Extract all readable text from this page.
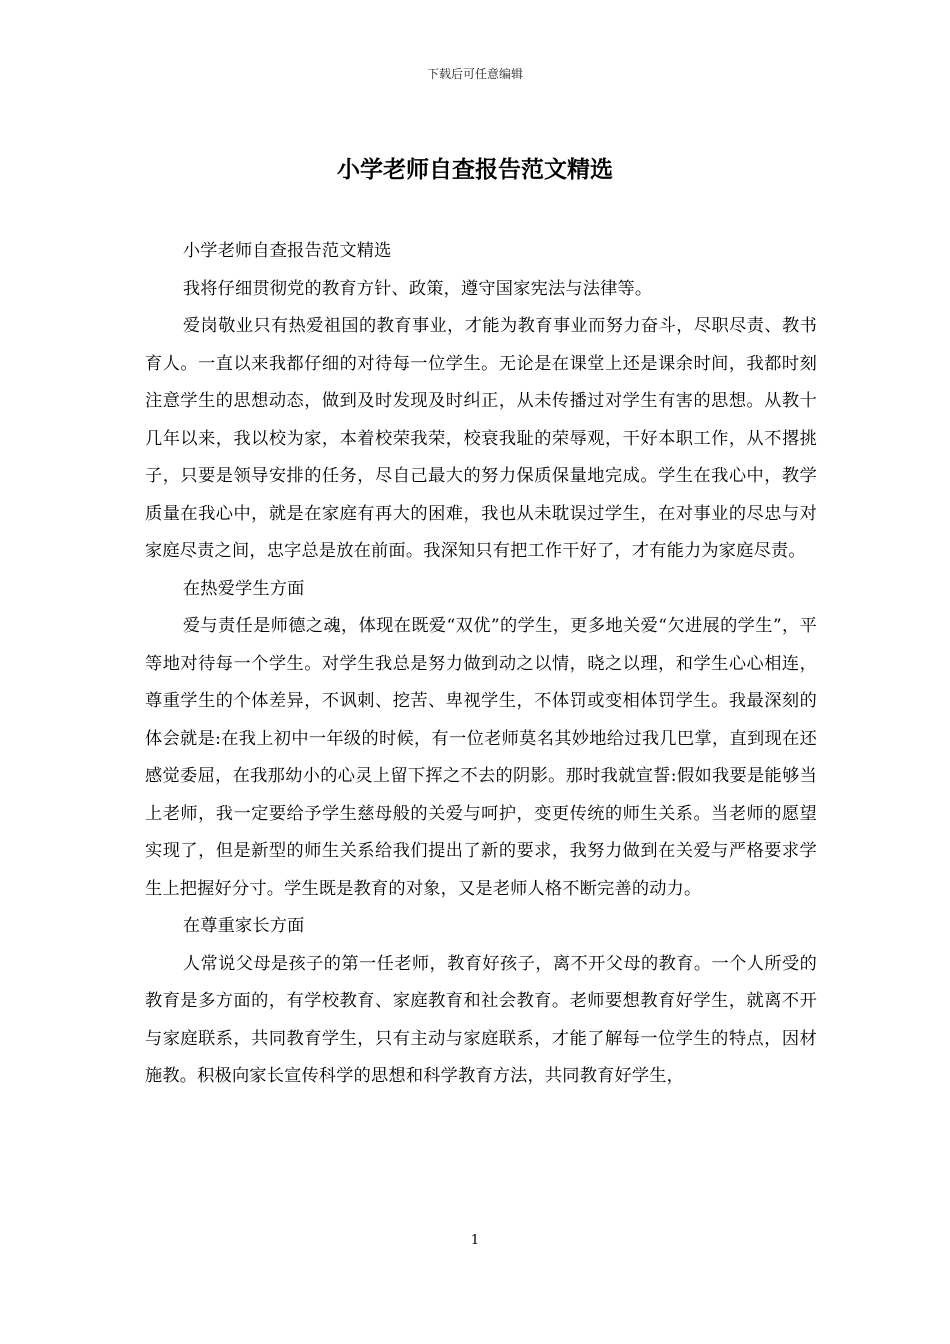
下载后可任意编辑
小学老师自查报告范文精选

小学老师自查报告范文精选

我将仔细贯彻党的教育方针、政策，遵守国家宪法与法律等。

爱岗敬业只有热爱祖国的教育事业，才能为教育事业而努力奋斗，尽职尽责、教书育人。一直以来我都仔细的对待每一位学生。无论是在课堂上还是课余时间，我都时刻注意学生的思想动态，做到及时发现及时纠正，从未传播过对学生有害的思想。从教十几年以来，我以校为家，本着校荣我荣，校衰我耻的荣辱观，干好本职工作，从不撂挑子，只要是领导安排的任务，尽自己最大的努力保质保量地完成。学生在我心中，教学质量在我心中，就是在家庭有再大的困难，我也从未耽误过学生，在对事业的尽忠与对家庭尽责之间，忠字总是放在前面。我深知只有把工作干好了，才有能力为家庭尽责。

在热爱学生方面

爱与责任是师德之魂，体现在既爱“双优”的学生，更多地关爱“欠进展的学生”，平等地对待每一个学生。对学生我总是努力做到动之以情，晓之以理，和学生心心相连，尊重学生的个体差异，不讽刺、挖苦、卑视学生，不体罚或变相体罚学生。我最深刻的体会就是:在我上初中一年级的时候，有一位老师莫名其妙地给过我几巴掌，直到现在还感觉委屈，在我那幼小的心灵上留下挥之不去的阴影。那时我就宣誓:假如我要是能够当上老师，我一定要给予学生慈母般的关爱与呵护，变更传统的师生关系。当老师的愿望实现了，但是新型的师生关系给我们提出了新的要求，我努力做到在关爱与严格要求学生上把握好分寸。学生既是教育的对象，又是老师人格不断完善的动力。

在尊重家长方面

人常说父母是孩子的第一任老师，教育好孩子，离不开父母的教育。一个人所受的教育是多方面的，有学校教育、家庭教育和社会教育。老师要想教育好学生，就离不开与家庭联系，共同教育学生，只有主动与家庭联系，才能了解每一位学生的特点，因材施教。积极向家长宣传科学的思想和科学教育方法，共同教育好学生，

1
